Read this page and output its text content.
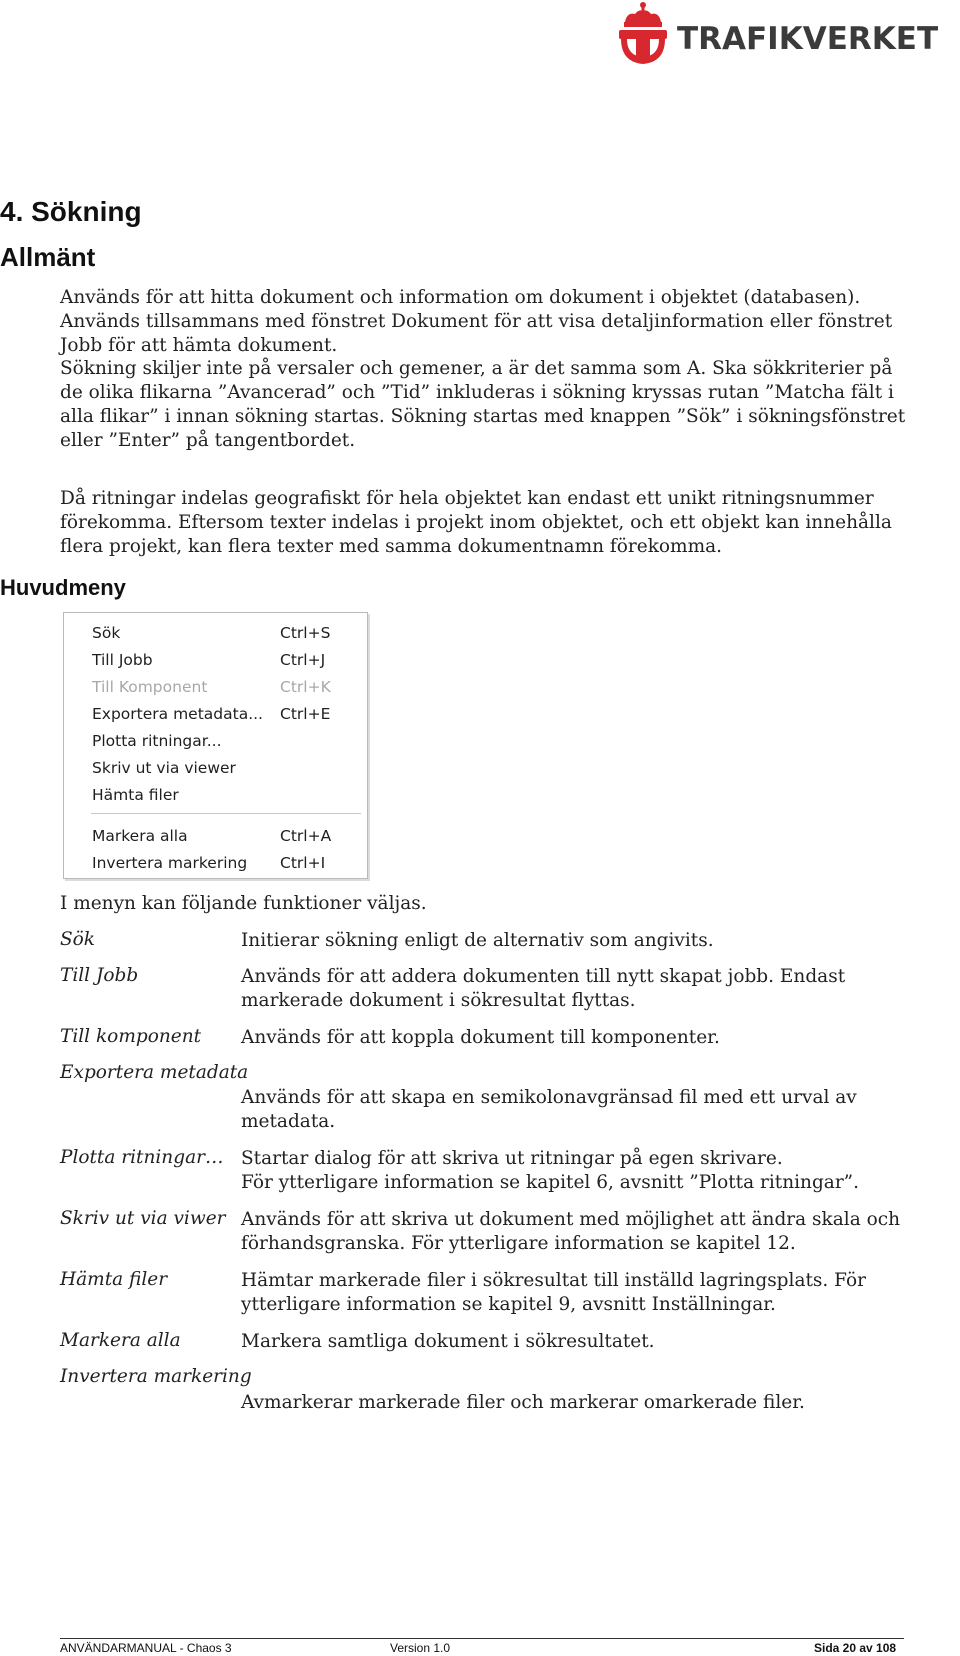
TRAFIKVERKET
4. Sökning
Allmänt
Används för att hitta dokument och information om dokument i objektet (databasen).
Används tillsammans med fönstret Dokument för att visa detaljinformation eller fönstret
Jobb för att hämta dokument.
Sökning skiljer inte på versaler och gemener, a är det samma som A. Ska sökkriterier på
de olika flikarna ”Avancerad” och ”Tid” inkluderas i sökning kryssas rutan ”Matcha fält i
alla flikar” i innan sökning startas. Sökning startas med knappen ”Sök” i sökningsfönstret
eller ”Enter” på tangentbordet.
Då ritningar indelas geografiskt för hela objektet kan endast ett unikt ritningsnummer
förekomma. Eftersom texter indelas i projekt inom objektet, och ett objekt kan innehålla
flera projekt, kan flera texter med samma dokumentnamn förekomma.
Huvudmeny
Sök	Ctrl+S
Till Jobb	Ctrl+J
Till Komponent	Ctrl+K
Exportera metadata... Ctrl+E
Plotta ritningar...
Skriv ut via viewer
Hämta filer
Markera alla	Ctrl+A
Invertera markering Ctrl+I
I menyn kan följande funktioner väljas.
Sök	Initierar sökning enligt de alternativ som angivits.
Till Jobb	Används för att addera dokumenten till nytt skapat jobb. Endast
markerade dokument i sökresultat flyttas.
Till komponent Används för att koppla dokument till komponenter.
Exportera metadata
Används för att skapa en semikolonavgränsad fil med ett urval av
metadata.
Plotta ritningar… Startar dialog för att skriva ut ritningar på egen skrivare.
För ytterligare information se kapitel 6, avsnitt ”Plotta ritningar”.
Skriv ut via viwer Används för att skriva ut dokument med möjlighet att ändra skala och
förhandsgranska. För ytterligare information se kapitel 12.
Hämta filer	Hämtar markerade filer i sökresultat till inställd lagringsplats. För
ytterligare information se kapitel 9, avsnitt Inställningar.
Markera alla	Markera samtliga dokument i sökresultatet.
Invertera markering
Avmarkerar markerade filer och markerar omarkerade filer.
ANVÄNDARMANUAL - Chaos 3	Version 1.0	Sida 20 av 108
